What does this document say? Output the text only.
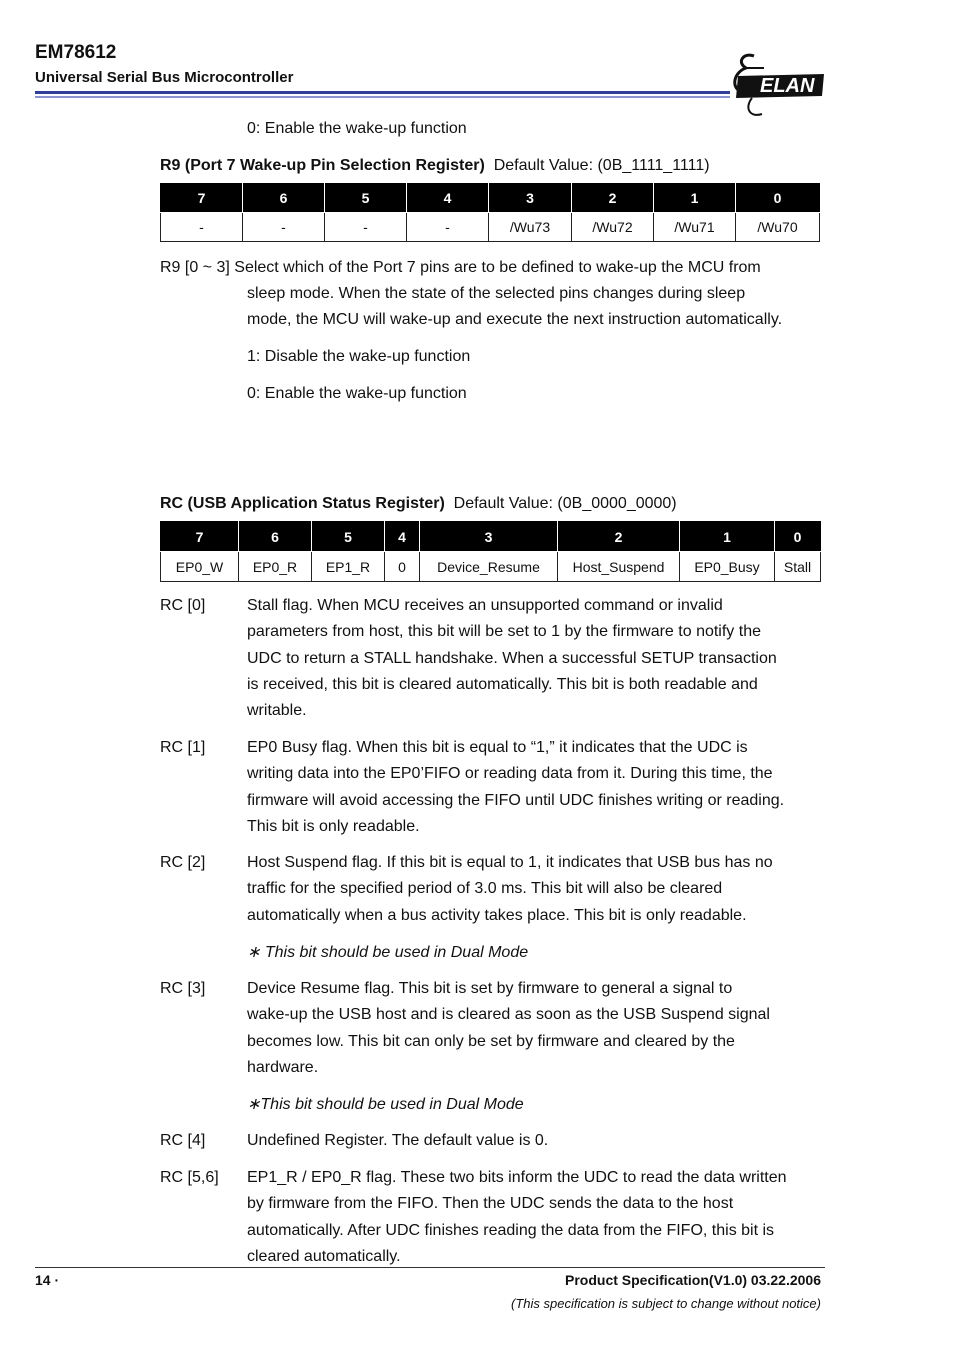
EM78612
Universal Serial Bus Microcontroller	ELAN
0: Enable the wake-up function
R9 (Port 7 Wake-up Pin Selection Register) Default Value: (0B_1111_1111)
7	6	5	4	3	2	1	0
-	-	-	-	/Wu73	/Wu72	/Wu71	/Wu70
R9 [0 ~ 3] Select which of the Port 7 pins are to be defined to wake-up the MCU from
sleep mode. When the state of the selected pins changes during sleep
mode, the MCU will wake-up and execute the next instruction automatically.
1: Disable the wake-up function
0: Enable the wake-up function
RC (USB Application Status Register) Default Value: (0B_0000_0000)
7	6	5	4	3	2	1	0
EP0_W	EP0_R	EP1_R	0	Device_Resume	Host_Suspend	EP0_Busy	Stall
RC [0]	Stall flag. When MCU receives an unsupported command or invalid
parameters from host, this bit will be set to 1 by the firmware to notify the
UDC to return a STALL handshake. When a successful SETUP transaction
is received, this bit is cleared automatically. This bit is both readable and
writable.
RC [1]	EP0 Busy flag. When this bit is equal to “1,” it indicates that the UDC is
writing data into the EP0’FIFO or reading data from it. During this time, the
firmware will avoid accessing the FIFO until UDC finishes writing or reading.
This bit is only readable.
RC [2]	Host Suspend flag. If this bit is equal to 1, it indicates that USB bus has no
traffic for the specified period of 3.0 ms. This bit will also be cleared
automatically when a bus activity takes place. This bit is only readable.
∗ This bit should be used in Dual Mode
RC [3]	Device Resume flag. This bit is set by firmware to general a signal to
wake-up the USB host and is cleared as soon as the USB Suspend signal
becomes low. This bit can only be set by firmware and cleared by the
hardware.
∗This bit should be used in Dual Mode
RC [4]	Undefined Register. The default value is 0.
RC [5,6] EP1_R / EP0_R flag. These two bits inform the UDC to read the data written
by firmware from the FIFO. Then the UDC sends the data to the host
automatically. After UDC finishes reading the data from the FIFO, this bit is
cleared automatically.
14 ∙	Product Specification(V1.0) 03.22.2006
(This specification is subject to change without notice)
